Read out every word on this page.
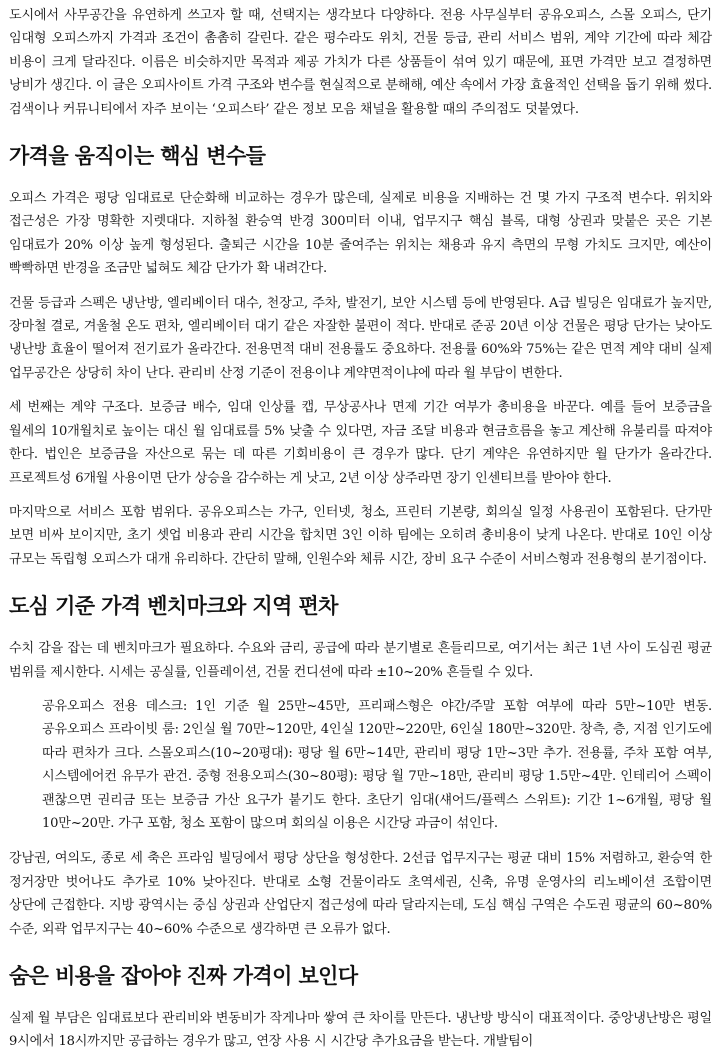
도시에서 사무공간을 유연하게 쓰고자 할 때, 선택지는 생각보다 다양하다. 전용 사무실부터 공유오피스, 스몰 오피스, 단기 임대형 오피스까지 가격과 조건이 촘촘히 갈린다. 같은 평수라도 위치, 건물 등급, 관리 서비스 범위, 계약 기간에 따라 체감 비용이 크게 달라진다. 이름은 비슷하지만 목적과 제공 가치가 다른 상품들이 섞여 있기 때문에, 표면 가격만 보고 결정하면 낭비가 생긴다. 이 글은 오피사이트 가격 구조와 변수를 현실적으로 분해해, 예산 속에서 가장 효율적인 선택을 돕기 위해 썼다. 검색이나 커뮤니티에서 자주 보이는 ‘오피스타’ 같은 정보 모음 채널을 활용할 때의 주의점도 덧붙였다.

가격을 움직이는 핵심 변수들

오피스 가격은 평당 임대료로 단순화해 비교하는 경우가 많은데, 실제로 비용을 지배하는 건 몇 가지 구조적 변수다. 위치와 접근성은 가장 명확한 지렛대다. 지하철 환승역 반경 300미터 이내, 업무지구 핵심 블록, 대형 상권과 맞붙은 곳은 기본 임대료가 20% 이상 높게 형성된다. 출퇴근 시간을 10분 줄여주는 위치는 채용과 유지 측면의 무형 가치도 크지만, 예산이 빡빡하면 반경을 조금만 넓혀도 체감 단가가 확 내려간다.

건물 등급과 스펙은 냉난방, 엘리베이터 대수, 천장고, 주차, 발전기, 보안 시스템 등에 반영된다. A급 빌딩은 임대료가 높지만, 장마철 결로, 겨울철 온도 편차, 엘리베이터 대기 같은 자잘한 불편이 적다. 반대로 준공 20년 이상 건물은 평당 단가는 낮아도 냉난방 효율이 떨어져 전기료가 올라간다. 전용면적 대비 전용률도 중요하다. 전용률 60%와 75%는 같은 면적 계약 대비 실제 업무공간은 상당히 차이 난다. 관리비 산정 기준이 전용이냐 계약면적이냐에 따라 월 부담이 변한다.

세 번째는 계약 구조다. 보증금 배수, 임대 인상률 캡, 무상공사나 면제 기간 여부가 총비용을 바꾼다. 예를 들어 보증금을 월세의 10개월치로 높이는 대신 월 임대료를 5% 낮출 수 있다면, 자금 조달 비용과 현금흐름을 놓고 계산해 유불리를 따져야 한다. 법인은 보증금을 자산으로 묶는 데 따른 기회비용이 큰 경우가 많다. 단기 계약은 유연하지만 월 단가가 올라간다. 프로젝트성 6개월 사용이면 단가 상승을 감수하는 게 낫고, 2년 이상 상주라면 장기 인센티브를 받아야 한다.

마지막으로 서비스 포함 범위다. 공유오피스는 가구, 인터넷, 청소, 프린터 기본량, 회의실 일정 사용권이 포함된다. 단가만 보면 비싸 보이지만, 초기 셋업 비용과 관리 시간을 합치면 3인 이하 팀에는 오히려 총비용이 낮게 나온다. 반대로 10인 이상 규모는 독립형 오피스가 대개 유리하다. 간단히 말해, 인원수와 체류 시간, 장비 요구 수준이 서비스형과 전용형의 분기점이다.

도심 기준 가격 벤치마크와 지역 편차

수치 감을 잡는 데 벤치마크가 필요하다. 수요와 금리, 공급에 따라 분기별로 흔들리므로, 여기서는 최근 1년 사이 도심권 평균 범위를 제시한다. 시세는 공실률, 인플레이션, 건물 컨디션에 따라 ±10~20% 흔들릴 수 있다.

공유오피스 전용 데스크: 1인 기준 월 25만~45만, 프리패스형은 야간/주말 포함 여부에 따라 5만~10만 변동. 공유오피스 프라이빗 룸: 2인실 월 70만~120만, 4인실 120만~220만, 6인실 180만~320만. 창측, 층, 지점 인기도에 따라 편차가 크다. 스몰오피스(10~20평대): 평당 월 6만~14만, 관리비 평당 1만~3만 추가. 전용률, 주차 포함 여부, 시스템에어컨 유무가 관건. 중형 전용오피스(30~80평): 평당 월 7만~18만, 관리비 평당 1.5만~4만. 인테리어 스펙이 괜찮으면 권리금 또는 보증금 가산 요구가 붙기도 한다. 초단기 임대(섀어드/플렉스 스위트): 기간 1~6개월, 평당 월 10만~20만. 가구 포함, 청소 포함이 많으며 회의실 이용은 시간당 과금이 섞인다.

강남권, 여의도, 종로 세 축은 프라임 빌딩에서 평당 상단을 형성한다. 2선급 업무지구는 평균 대비 15% 저렴하고, 환승역 한 정거장만 벗어나도 추가로 10% 낮아진다. 반대로 소형 건물이라도 초역세권, 신축, 유명 운영사의 리노베이션 조합이면 상단에 근접한다. 지방 광역시는 중심 상권과 산업단지 접근성에 따라 달라지는데, 도심 핵심 구역은 수도권 평균의 60~80% 수준, 외곽 업무지구는 40~60% 수준으로 생각하면 큰 오류가 없다.

숨은 비용을 잡아야 진짜 가격이 보인다

실제 월 부담은 임대료보다 관리비와 변동비가 작게나마 쌓여 큰 차이를 만든다. 냉난방 방식이 대표적이다. 중앙냉난방은 평일 9시에서 18시까지만 공급하는 경우가 많고, 연장 사용 시 시간당 추가요금을 받는다. 개발팀이
